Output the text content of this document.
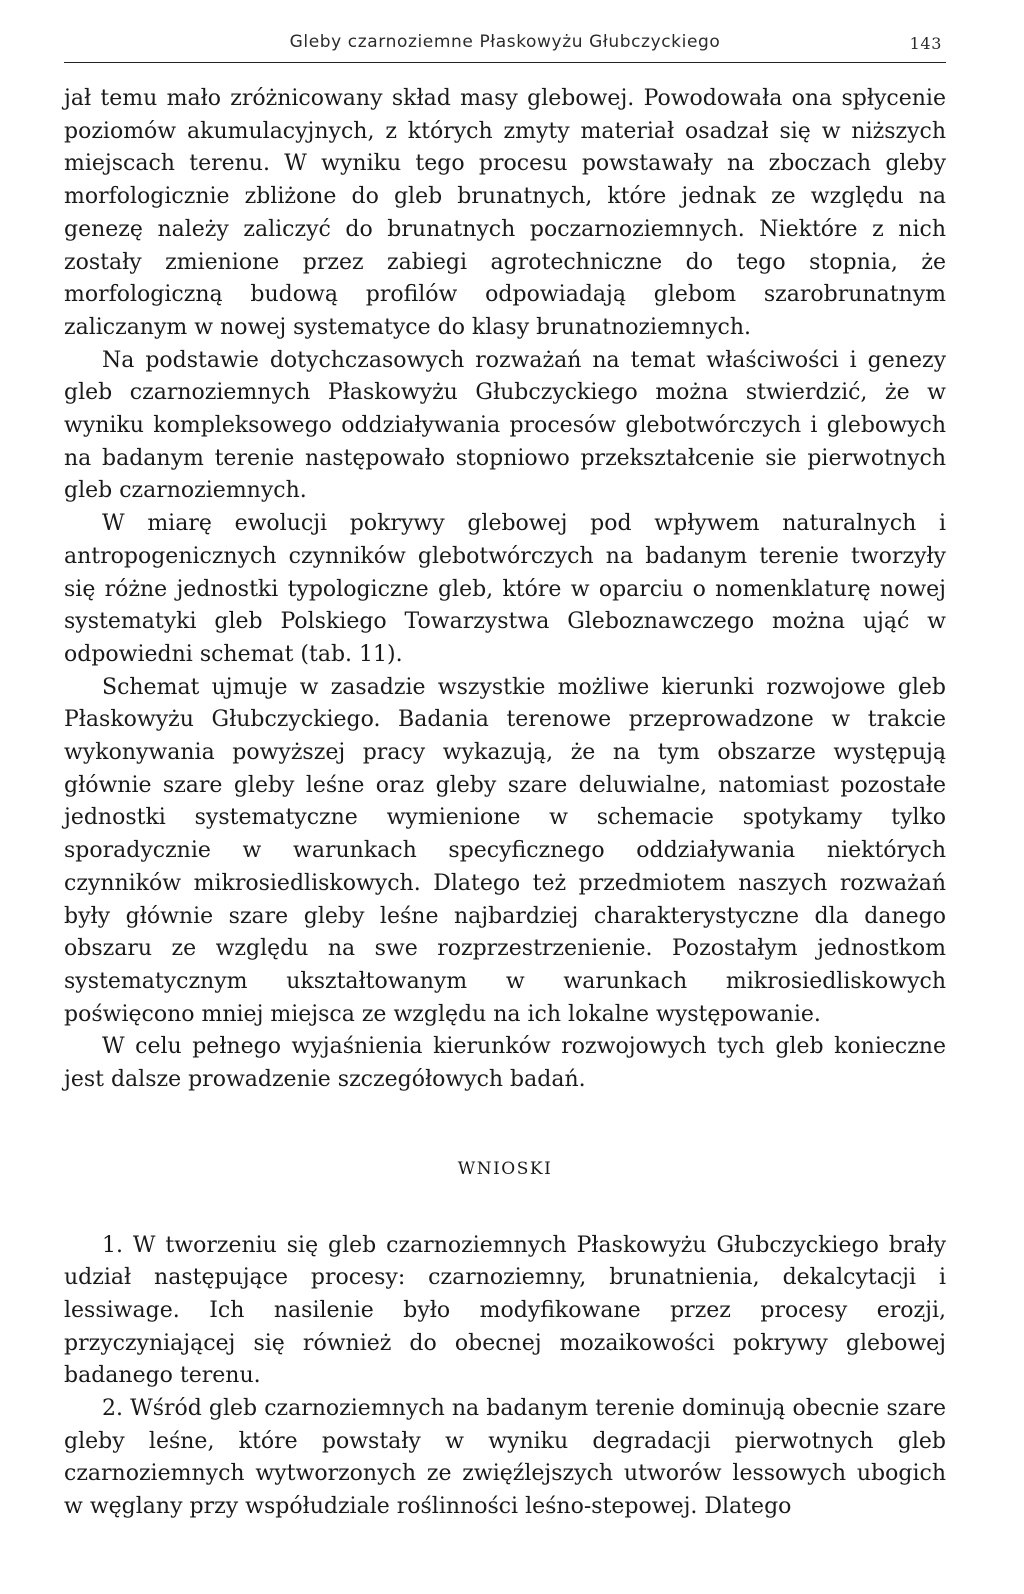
Gleby czarnoziemne Płaskowyżu Głubczyckiego	143

jał temu mało zróżnicowany skład masy glebowej. Powodowała ona spłycenie poziomów akumulacyjnych, z których zmyty materiał osadzał się w niższych miejscach terenu. W wyniku tego procesu powstawały na zboczach gleby morfologicznie zbliżone do gleb brunatnych, które jednak ze względu na genezę należy zaliczyć do brunatnych poczarnoziemnych. Niektóre z nich zostały zmienione przez zabiegi agrotechniczne do tego stopnia, że morfologiczną budową profilów odpowiadają glebom szarobrunatnym zaliczanym w nowej systematyce do klasy brunatnoziemnych.

Na podstawie dotychczasowych rozważań na temat właściwości i genezy gleb czarnoziemnych Płaskowyżu Głubczyckiego można stwierdzić, że w wyniku kompleksowego oddziaływania procesów glebotwórczych i glebowych na badanym terenie następowało stopniowo przekształcenie sie pierwotnych gleb czarnoziemnych.

W miarę ewolucji pokrywy glebowej pod wpływem naturalnych i antropogenicznych czynników glebotwórczych na badanym terenie tworzyły się różne jednostki typologiczne gleb, które w oparciu o nomenklaturę nowej systematyki gleb Polskiego Towarzystwa Gleboznawczego można ująć w odpowiedni schemat (tab. 11).

Schemat ujmuje w zasadzie wszystkie możliwe kierunki rozwojowe gleb Płaskowyżu Głubczyckiego. Badania terenowe przeprowadzone w trakcie wykonywania powyższej pracy wykazują, że na tym obszarze występują głównie szare gleby leśne oraz gleby szare deluwialne, natomiast pozostałe jednostki systematyczne wymienione w schemacie spotykamy tylko sporadycznie w warunkach specyficznego oddziaływania niektórych czynników mikrosiedliskowych. Dlatego też przedmiotem naszych rozważań były głównie szare gleby leśne najbardziej charakterystyczne dla danego obszaru ze względu na swe rozprzestrzenienie. Pozostałym jednostkom systematycznym ukształtowanym w warunkach mikrosiedliskowych poświęcono mniej miejsca ze względu na ich lokalne występowanie.

W celu pełnego wyjaśnienia kierunków rozwojowych tych gleb konieczne jest dalsze prowadzenie szczegółowych badań.

WNIOSKI

1. W tworzeniu się gleb czarnoziemnych Płaskowyżu Głubczyckiego brały udział następujące procesy: czarnoziemny, brunatnienia, dekalcytacji i lessiwage. Ich nasilenie było modyfikowane przez procesy erozji, przyczyniającej się również do obecnej mozaikowości pokrywy glebowej badanego terenu.

2. Wśród gleb czarnoziemnych na badanym terenie dominują obecnie szare gleby leśne, które powstały w wyniku degradacji pierwotnych gleb czarnoziemnych wytworzonych ze zwięźlejszych utworów lessowych ubogich w węglany przy współudziale roślinności leśno-stepowej. Dlatego
